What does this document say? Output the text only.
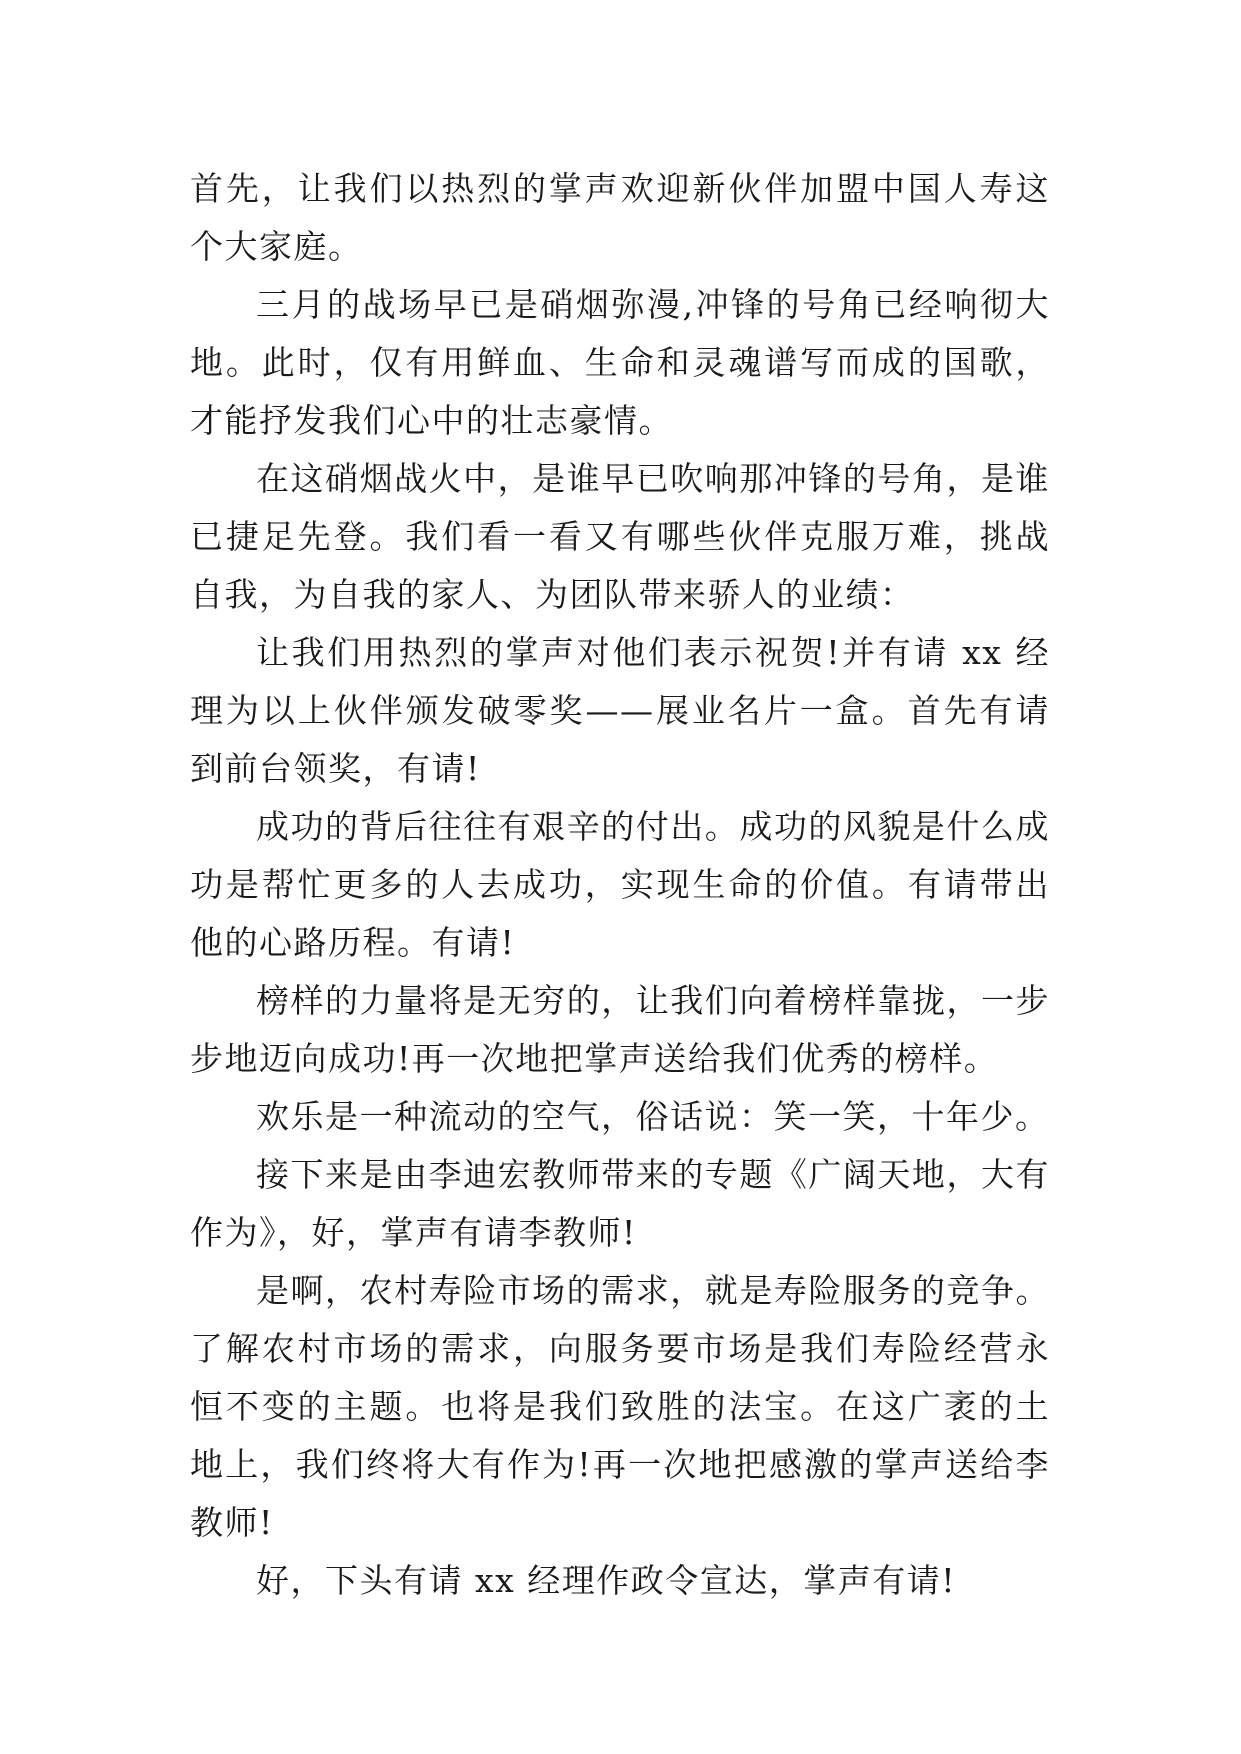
首先，让我们以热烈的掌声欢迎新伙伴加盟中国人寿这个大家庭。

三月的战场早已是硝烟弥漫,冲锋的号角已经响彻大地。此时，仅有用鲜血、生命和灵魂谱写而成的国歌，才能抒发我们心中的壮志豪情。

在这硝烟战火中，是谁早已吹响那冲锋的号角，是谁已捷足先登。我们看一看又有哪些伙伴克服万难，挑战自我，为自我的家人、为团队带来骄人的业绩：

让我们用热烈的掌声对他们表示祝贺!并有请 xx 经理为以上伙伴颁发破零奖——展业名片一盒。首先有请到前台领奖，有请!

成功的背后往往有艰辛的付出。成功的风貌是什么成功是帮忙更多的人去成功，实现生命的价值。有请带出他的心路历程。有请!

榜样的力量将是无穷的，让我们向着榜样靠拢，一步步地迈向成功!再一次地把掌声送给我们优秀的榜样。

欢乐是一种流动的空气，俗话说：笑一笑，十年少。

接下来是由李迪宏教师带来的专题《广阔天地，大有作为》，好，掌声有请李教师!

是啊，农村寿险市场的需求，就是寿险服务的竞争。了解农村市场的需求，向服务要市场是我们寿险经营永恒不变的主题。也将是我们致胜的法宝。在这广袤的土地上，我们终将大有作为!再一次地把感激的掌声送给李教师!

好，下头有请 xx 经理作政令宣达，掌声有请!
